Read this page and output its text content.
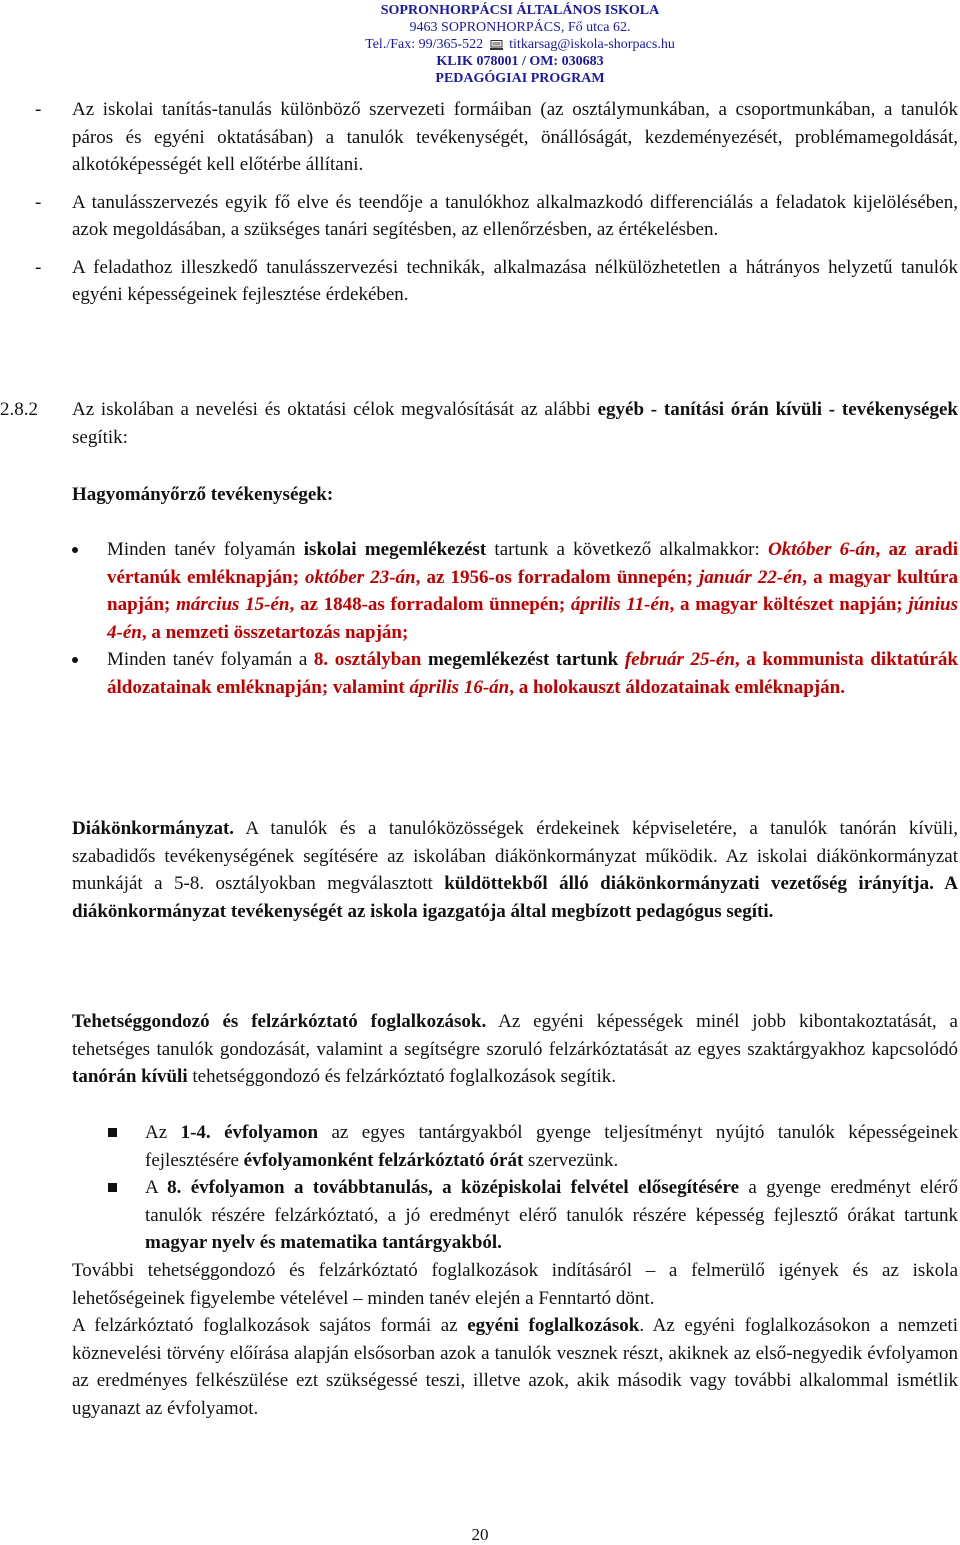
SOPRONHORPÁCSI ÁLTALÁNOS ISKOLA
9463 SOPRONHORPÁCS, Fő utca 62.
Tel./Fax: 99/365-522 titkarsag@iskola-shorpacs.hu
KLIK 078001 / OM: 030683
PEDAGÓGIAI PROGRAM

- Az iskolai tanítás-tanulás különböző szervezeti formáiban (az osztálymunkában, a csoportmunkában, a tanulók páros és egyéni oktatásában) a tanulók tevékenységét, önállóságát, kezdeményezését, problémamegoldását, alkotóképességét kell előtérbe állítani.

- A tanulásszervezés egyik fő elve és teendője a tanulókhoz alkalmazkodó differenciálás a feladatok kijelölésében, azok megoldásában, a szükséges tanári segítésben, az ellenőrzésben, az értékelésben.

- A feladathoz illeszkedő tanulásszervezési technikák, alkalmazása nélkülözhetetlen a hátrányos helyzetű tanulók egyéni képességeinek fejlesztése érdekében.

2.8.2 Az iskolában a nevelési és oktatási célok megvalósítását az alábbi egyéb - tanítási órán kívüli - tevékenységek segítik:

Hagyományőrző tevékenységek:

Minden tanév folyamán iskolai megemlékezést tartunk a következő alkalmakkor: Október 6-án, az aradi vértanúk emléknapján; október 23-án, az 1956-os forradalom ünnepén; január 22-én, a magyar kultúra napján; március 15-én, az 1848-as forradalom ünnepén; április 11-én, a magyar költészet napján; június 4-én, a nemzeti összetartozás napján;
Minden tanév folyamán a 8. osztályban megemlékezést tartunk február 25-én, a kommunista diktatúrák áldozatainak emléknapján; valamint április 16-án, a holokauszt áldozatainak emléknapján.

Diákönkormányzat. A tanulók és a tanulóközösségek érdekeinek képviseletére, a tanulók tanórán kívüli, szabadidős tevékenységének segítésére az iskolában diákönkormányzat működik. Az iskolai diákönkormányzat munkáját a 5-8. osztályokban megválasztott küldöttekből álló diákönkormányzati vezetőség irányítja. A diákönkormányzat tevékenységét az iskola igazgatója által megbízott pedagógus segíti.

Tehetséggondozó és felzárkóztató foglalkozások. Az egyéni képességek minél jobb kibontakoztatását, a tehetséges tanulók gondozását, valamint a segítségre szoruló felzárkóztatását az egyes szaktárgyakhoz kapcsolódó tanórán kívüli tehetséggondozó és felzárkóztató foglalkozások segítik.

Az 1-4. évfolyamon az egyes tantárgyakból gyenge teljesítményt nyújtó tanulók képességeinek fejlesztésére évfolyamonként felzárkóztató órát szervezünk.
A 8. évfolyamon a továbbtanulás, a középiskolai felvétel elősegítésére a gyenge eredményt elérő tanulók részére felzárkóztató, a jó eredményt elérő tanulók részére képesség fejlesztő órákat tartunk magyar nyelv és matematika tantárgyakból.

További tehetséggondozó és felzárkóztató foglalkozások indításáról – a felmerülő igények és az iskola lehetőségeinek figyelembe vételével – minden tanév elején a Fenntartó dönt.

A felzárkóztató foglalkozások sajátos formái az egyéni foglalkozások. Az egyéni foglalkozásokon a nemzeti köznevelési törvény előírása alapján elsősorban azok a tanulók vesznek részt, akiknek az első-negyedik évfolyamon az eredményes felkészülése ezt szükségessé teszi, illetve azok, akik második vagy további alkalommal ismétlik ugyanazt az évfolyamot.

20
